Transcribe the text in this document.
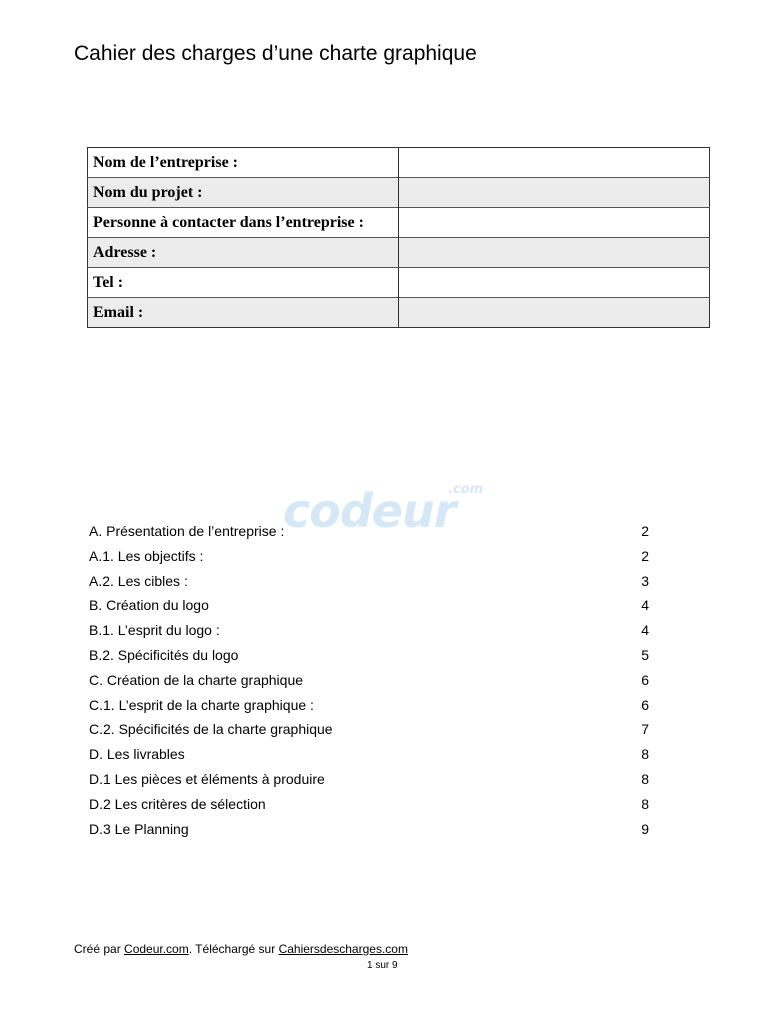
Cahier des charges d’une charte graphique
Nom de l’entreprise :	
Nom du projet :	
Personne à contacter dans l’entreprise :	
Adresse :	
Tel :	
Email :	
codeur
.com
A. Présentation de l’entreprise :	2
A.1. Les objectifs :	2
A.2. Les cibles :	3
B. Création du logo	4
B.1. L’esprit du logo :	4
B.2. Spécificités du logo	5
C. Création de la charte graphique	6
C.1. L’esprit de la charte graphique :	6
C.2. Spécificités de la charte graphique	7
D. Les livrables	8
D.1 Les pièces et éléments à produire	8
D.2 Les critères de sélection	8
D.3 Le Planning	9
Créé par Codeur.com. Téléchargé sur Cahiersdescharges.com
1 sur 9
